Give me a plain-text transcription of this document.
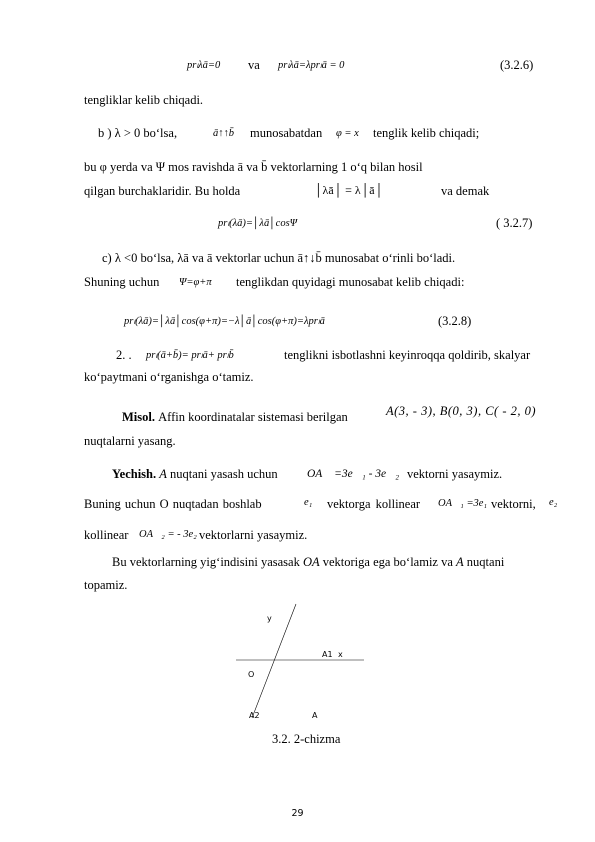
prₗλā=0 va prₗλā=λprₗā = 0	(3.2.6)
tengliklar kelib chiqadi.
b ) λ > 0 bo‘lsa,	ā↑↑b̄ munosabatdan φ = x tenglik kelib chiqadi;
bu φ yerda va Ψ mos ravishda ā va b̄ vektorlarning 1 o‘q bilan hosil
qilgan burchaklaridir. Bu holda	│λā│ = λ│ā│	va demak
prₗ(λā)=│λā│cosΨ	( 3.2.7)
c) λ <0 bo‘lsa, λā va ā vektorlar uchun ā↑↓b̄ munosabat o‘rinli bo‘ladi.
Shuning uchun Ψ=φ+π tenglikdan quyidagi munosabat kelib chiqadi:
prₗ(λā)=│λā│cos(φ+π)=−λ│ā│cos(φ+π)=λprₗā	(3.2.8)
2. . prₗ(ā+b̄)= prₗā+ prₗb̄	tenglikni isbotlashni keyinroqqa qoldirib, skalyar
ko‘paytmani o‘rganishga o‘tamiz.
Misol. Affin koordinatalar sistemasi berilgan	A(3, - 3), B(0, 3), C( - 2, 0)
nuqtalarni yasang.
Yechish. A nuqtani yasash uchun	OA⃗ =3e⃗₁ - 3e⃗₂ vektorni yasaymiz.
Buning uchun O nuqtadan boshlab	e₁ vektorga kollinear OA⃗₁ =3e₁ vektorni, e₂
kollinear OA⃗₂ = - 3e₂ vektorlarni yasaymiz.
Bu vektorlarning yig‘indisini yasasak OA vektoriga ega bo‘lamiz va A nuqtani
topamiz.
y
A1 x
O
A2	A
3.2. 2-chizma
29
